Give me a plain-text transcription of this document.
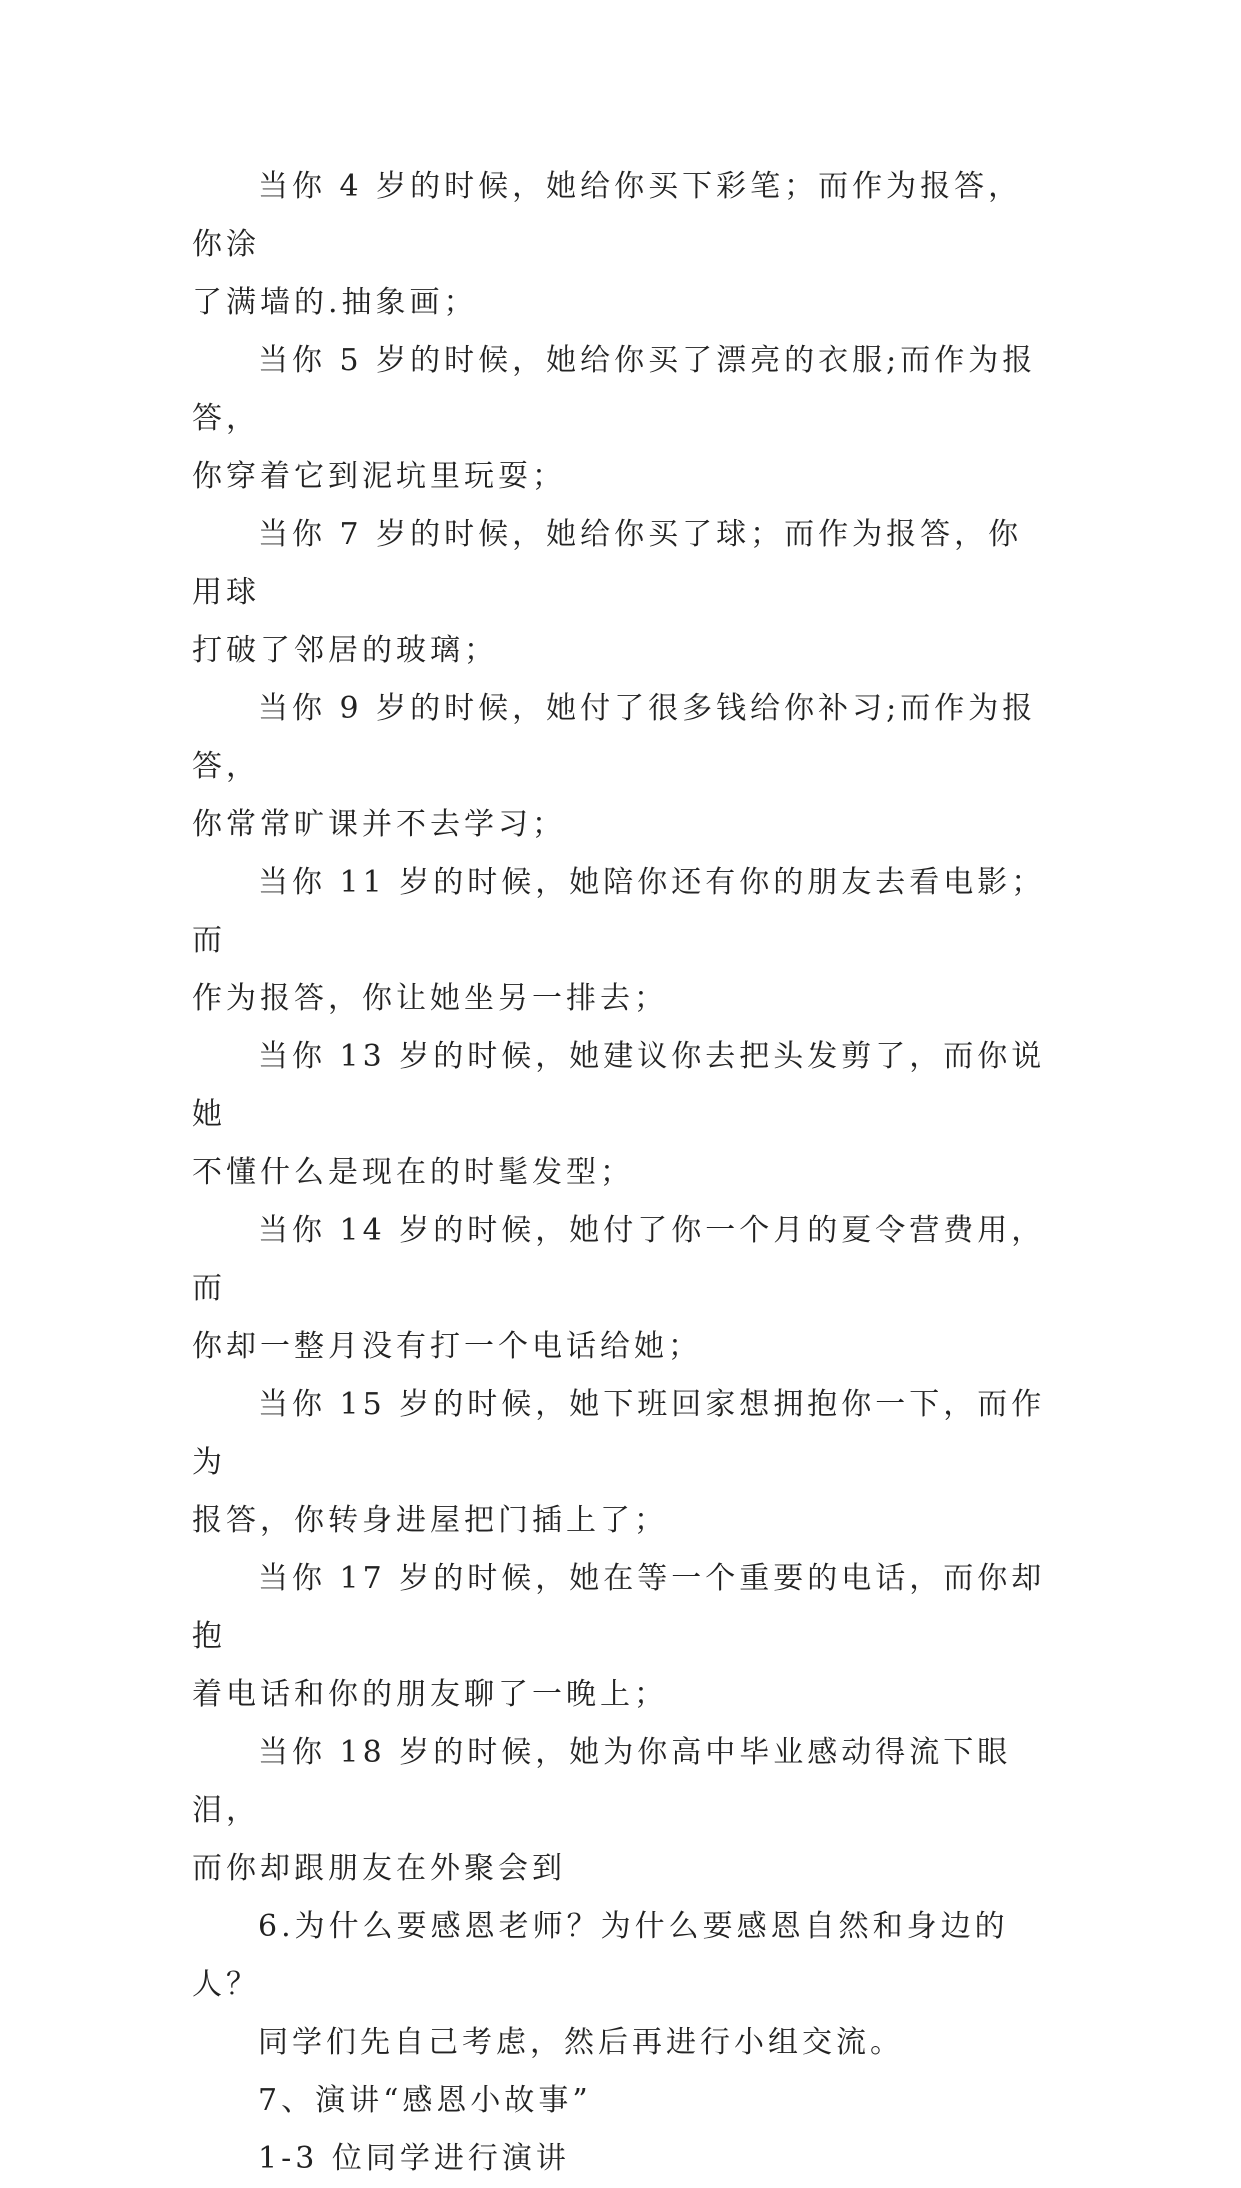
当你 4 岁的时候，她给你买下彩笔；而作为报答，你涂

了满墙的.抽象画；

当你 5 岁的时候，她给你买了漂亮的衣服;而作为报答，

你穿着它到泥坑里玩耍；

当你 7 岁的时候，她给你买了球；而作为报答，你用球

打破了邻居的玻璃；

当你 9 岁的时候，她付了很多钱给你补习;而作为报答，

你常常旷课并不去学习；

当你 11 岁的时候，她陪你还有你的朋友去看电影；而

作为报答，你让她坐另一排去；

当你 13 岁的时候，她建议你去把头发剪了，而你说她

不懂什么是现在的时髦发型；

当你 14 岁的时候，她付了你一个月的夏令营费用，而

你却一整月没有打一个电话给她；

当你 15 岁的时候，她下班回家想拥抱你一下，而作为

报答，你转身进屋把门插上了；

当你 17 岁的时候，她在等一个重要的电话，而你却抱

着电话和你的朋友聊了一晚上；

当你 18 岁的时候，她为你高中毕业感动得流下眼泪，

而你却跟朋友在外聚会到

6.为什么要感恩老师？为什么要感恩自然和身边的人？

同学们先自己考虑，然后再进行小组交流。

7、演讲“感恩小故事”

1-3 位同学进行演讲
